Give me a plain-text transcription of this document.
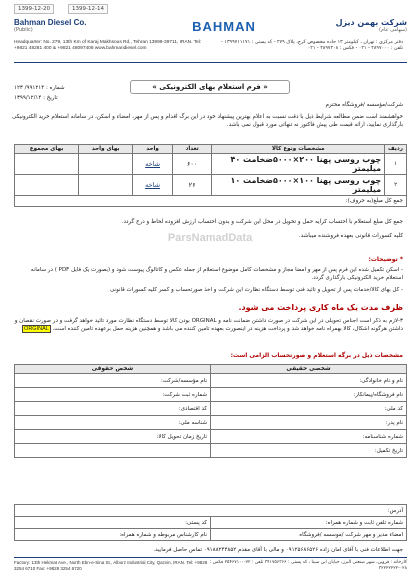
1399-12-20	1399-12-14
شرکت بهمن دیزل
(سهامی عام)
BAHMAN
Bahman Diesel Co.
(Public)
دفتر مرکزی : تهران ، کیلومتر ۱۳ جاده مخصوص کرج، پلاک ۲۷۹ - کد پستی : ۱۳۹۹۷۱۱۱۷۱ - تلفن : ۴۸۹۷۰۰۰ - ۰۲۱ - فکس : ۴۸۹۷۴۰۸ - ۰۲۱
Headquarter: No. 279, 13th Km of Karaj Makhsous Rd., Tehran 13999-39711, IRAN. Tel: +9821 48281 400 & +9821 48097408 www.bahmandiesel.com
« فرم استعلام بهای الکترونیکی »
شماره : ۹۹۱۲۱۴/ ۱۲۳
تاریخ : ۱۳۹۹/۱۲/۱۴
شرکت/مؤسسه /فروشگاه محترم
خواهشمند است ضمن مطالعه شرایط ذیل با دقت نسبت به اعلام بهترین پیشنهاد خود در این برگ اقدام و پس از مهر، امضاء و اسکن، در سامانه استعلام خرید الکترونیکی بارگذاری نمایید، ارائه قیمت طی پیش فاکتور نه تنهائی مورد قبول نمی باشد.
ردیف	مشخصات ونوع کالا	تعداد	واحد	بهای واحد	بهای مجموع
۱	چوب روسی پهنا ۲۰۰×۵۰۰۰ضخامت ۴۰ میلیمتر	۶۰۰	شاخه		
۲	چوب روسی پهنا ۱۰۰×۵۰۰۰ضخامت ۱۰ میلیمتر	۲۶	شاخه		
جمع کل مبلغ(به حروف):					
جمع کل مبلغ استعلام با احتساب کرایه حمل و تحویل در محل این شرکت و بدون احتساب ارزش افزوده لحاظ و درج گردد.
کلیه کسورات قانونی بعهده فروشنده میباشد.
ParsNamadData
* توضیحات:
- اسکن تکمیل شده این فرم پس از مهر و امضا مجاز و مشخصات کامل موضوع استعلام از جمله عکس و کاتالوگ پیوست شود و (بصورت یک فایل PDF ) در سامانه استعلام خرید الکترونیکی بارگذاری گردد.
- کل بهای کالا/خدمات پس از تحویل و تائید فنی توسط دستگاه نظارت این شرکت و اخذ صورتحساب و کسر کلیه کسورات قانونی
ظرف مدت یک ماه کاری پرداخت می شود.
۳-لازم به ذکر است اجناس تحویلی در این شرکت در صورت داشتن ضمانت نامه و ORGINAL بودن کالا توسط دستگاه نظارت مورد تائید خواهد گرفت و در صورت نقصان و داشتن هرگونه اشکال، کالا بهمراه نامه خواهد شد و پرداخت هزینه در اینصورت بعهده تامین کننده می باشد و همچنین هزینه حمل برعهده تامین کننده است. ORGINAL
مشخصات ذیل در برگه استعلام و صورتحساب الزامی است:
شخصی حقیقی	شخص حقوقی
نام و نام خانوادگی:	نام مؤسسه/شرکت:
نام فروشگاه/پیمانکار:	شماره ثبت شرکت:
کد ملی:	کد اقتصادی:
نام پدر:	شناسه ملی:
شماره شناسنامه:	تاریخ زمان تحویل کالا:
تاریخ تکمیل:	
آدرس:	
شماره تلفن ثابت و شماره همراه:	کد پستی:
امضاء مدیر و مهر شرکت /موسسه /فروشگاه	نام کارشناس مربوطه و شماره همراه:
جهت اطلاعات فنی با آقای امان زاده ۰۹۱۲۵۶۸۶۵۲۶ و مالی با آقای مقدم ۰۹۱۸۸۲۴۴۸۵۲ تماس حاصل فرمایید.
کارخانه : قزوین، شهر صنعتی البرز، خیابان ابن سینا ، کد پستی : ۳۴۱۷۵۶۳۶۶ تلفن : ۷۲-۲۵۴۶۷۱۰۰ فکس : ۰۲۸-۳۲۲۲۲۲۲۲
Factory: 13th Hekmat Ave., North Ebn-e-Sina St., Alborz Industrial City, Qazvin, IRAN. Tel: +9828 3254 6710 Fax: +9828 3254 6720
